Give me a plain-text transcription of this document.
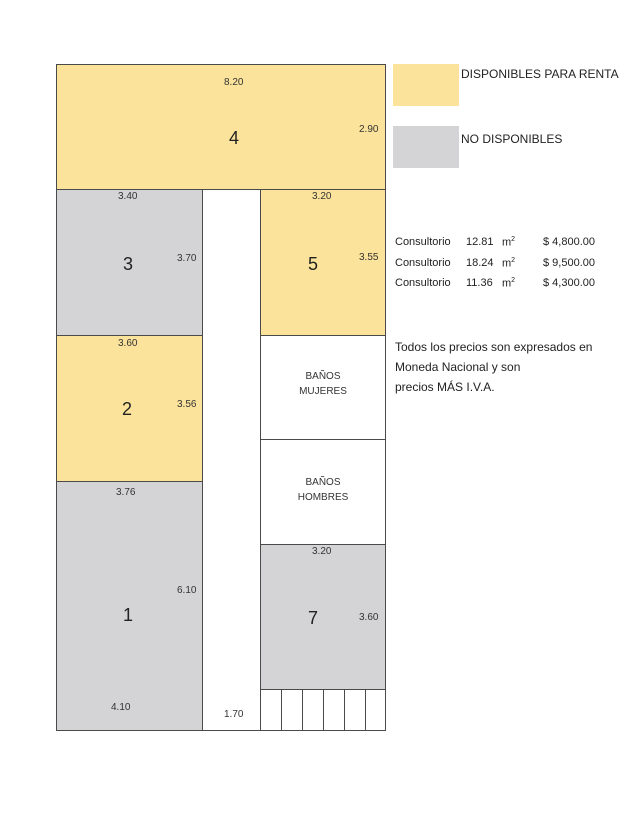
8.20
4	2.90
3.40
3	3.70
1.70
3.20
5	3.55
3.60
2	3.56
BAÑOS
MUJERES
BAÑOS
HOMBRES
3.76
1
6.10
4.10
3.20
7	3.60
DISPONIBLES PARA RENTA
NO DISPONIBLES
Consultorio 12.81 $m^2$	$ 4,800.00
Consultorio 18.24 $m^2$	$ 9,500.00
Consultorio 11.36 $m^2$	$ 4,300.00
Todos los precios son expresados en
Moneda Nacional y son
precios MÁS I.V.A.
